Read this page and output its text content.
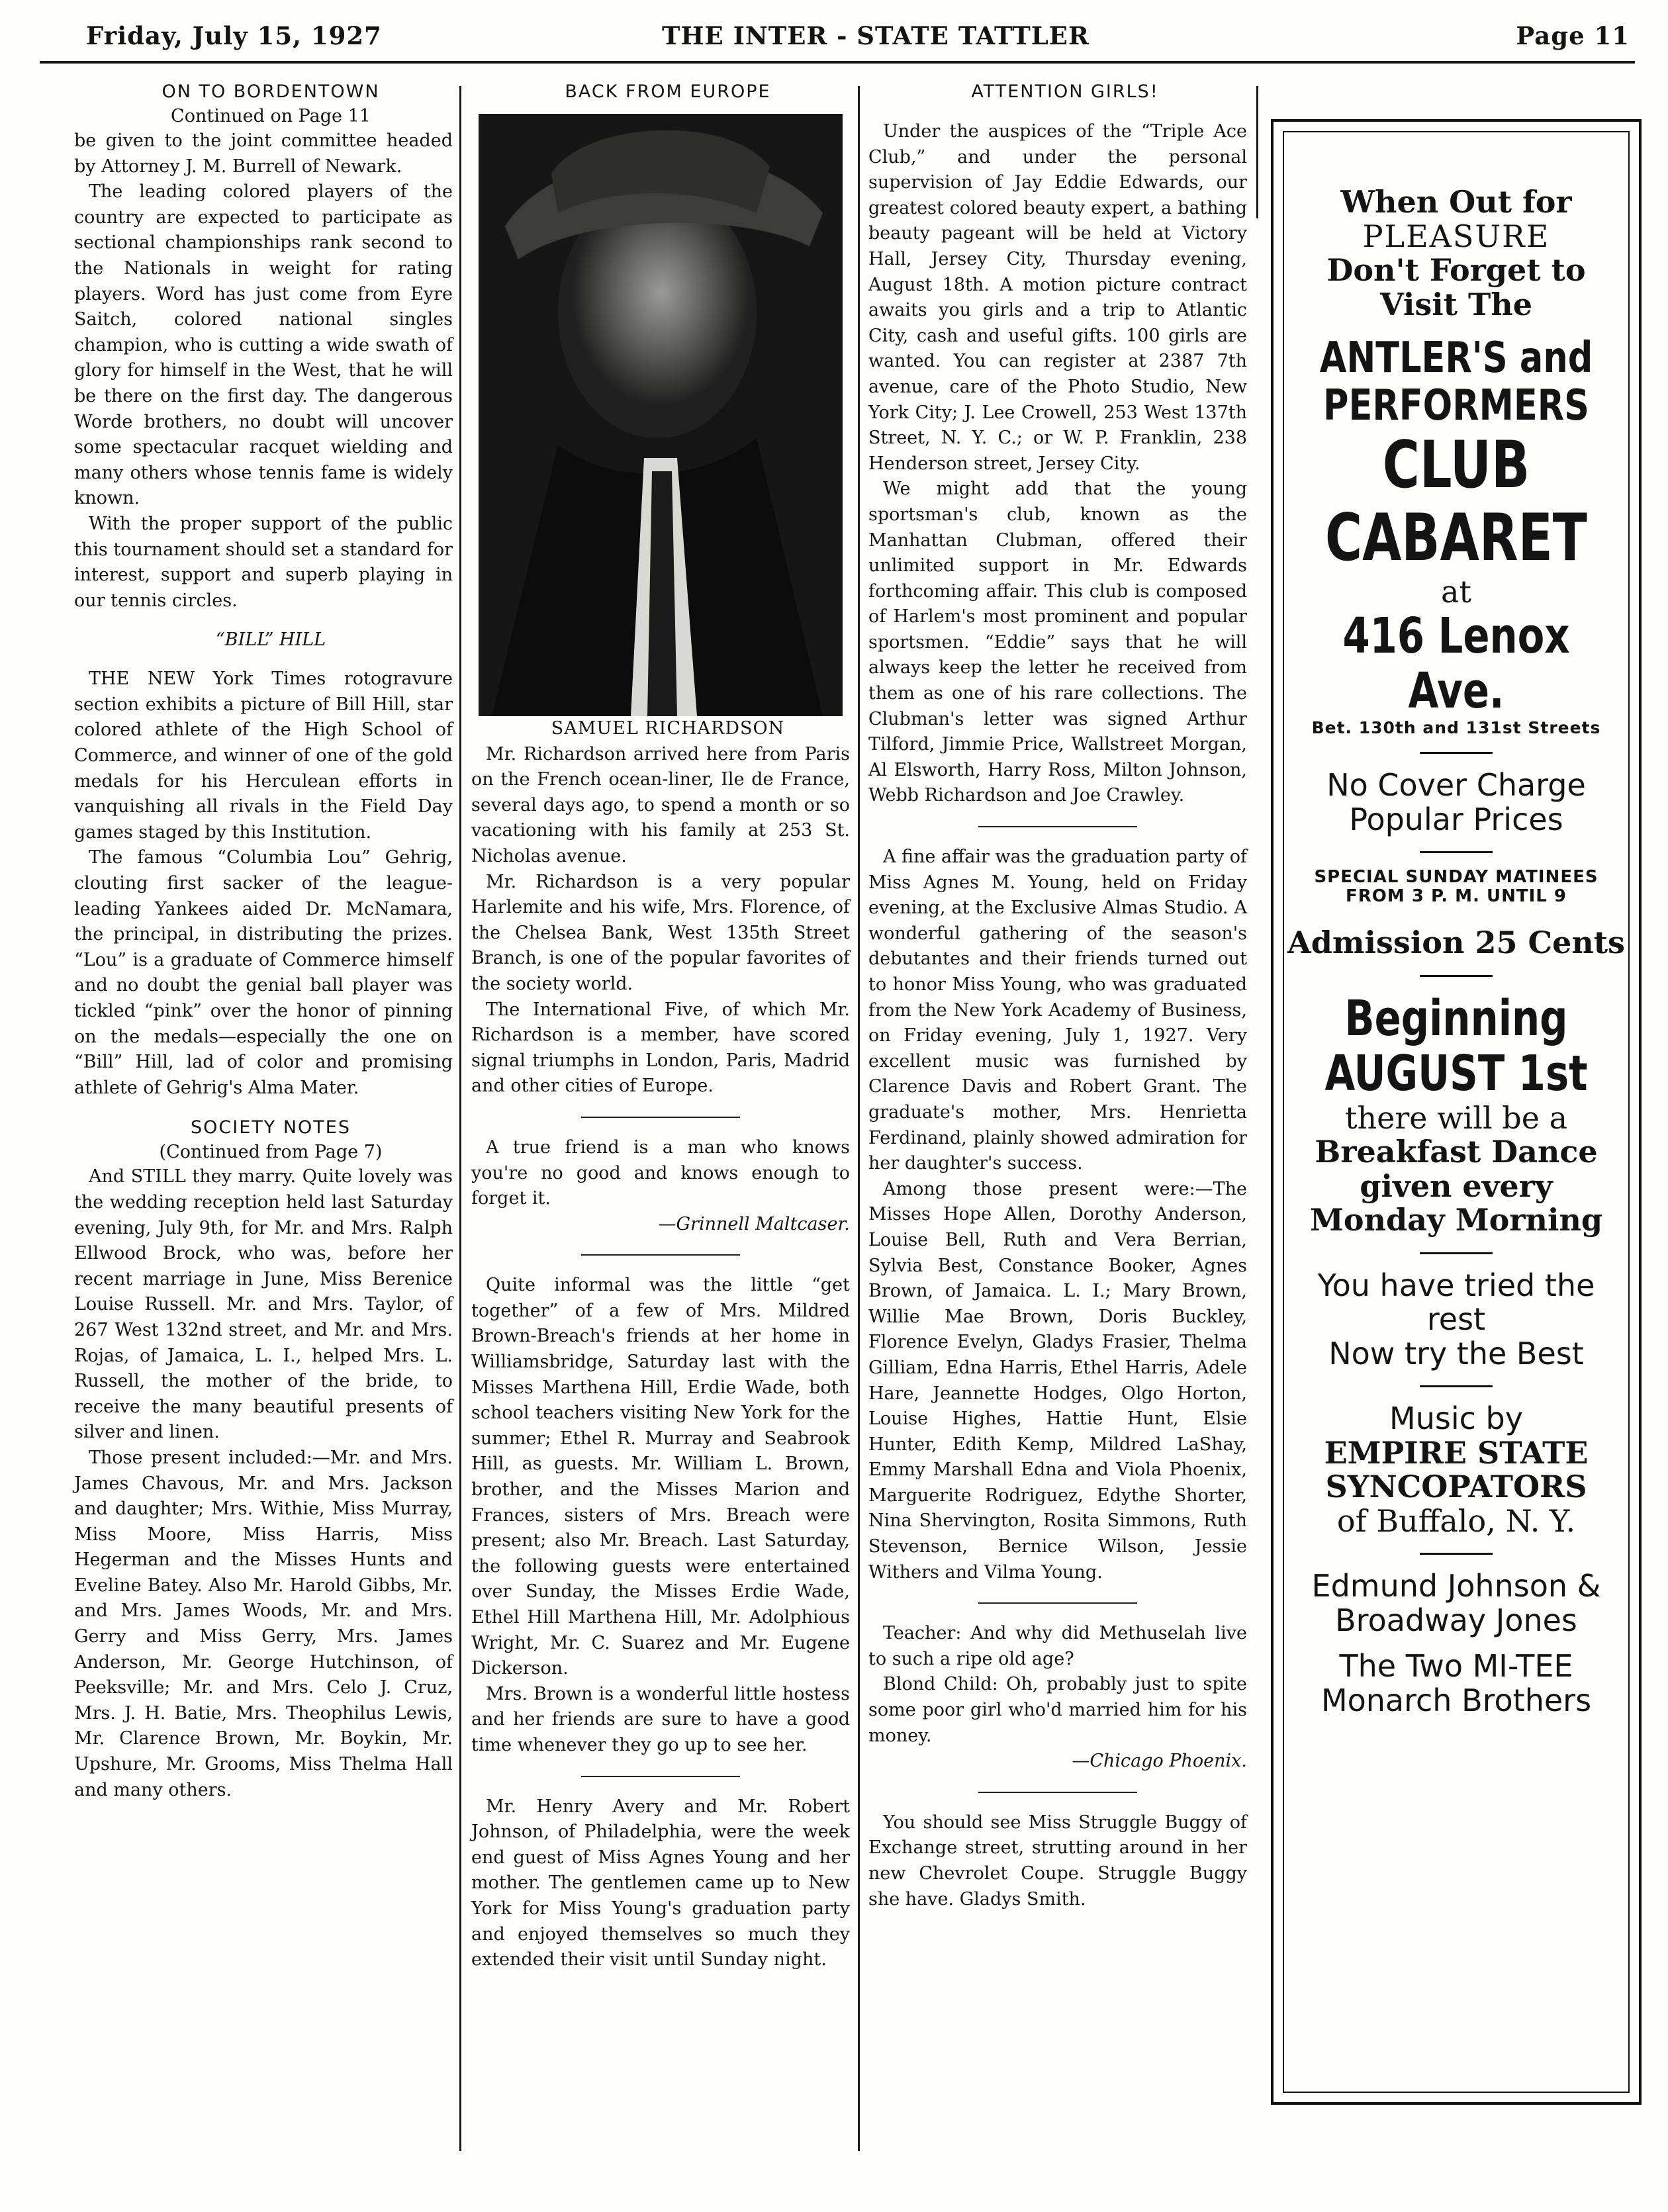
Friday, July 15, 1927	THE INTER - STATE TATTLER	Page 11

ON TO BORDENTOWN

Continued on Page 11

be given to the joint committee headed by Attorney J. M. Burrell of Newark.

The leading colored players of the country are expected to participate as sectional championships rank second to the Nationals in weight for rating players. Word has just come from Eyre Saitch, colored national singles champion, who is cutting a wide swath of glory for himself in the West, that he will be there on the first day. The dangerous Worde brothers, no doubt will uncover some spectacular racquet wielding and many others whose tennis fame is widely known.

With the proper support of the public this tournament should set a standard for interest, support and superb playing in our tennis circles.

“BILL” HILL

THE NEW York Times rotogravure section exhibits a picture of Bill Hill, star colored athlete of the High School of Commerce, and winner of one of the gold medals for his Herculean efforts in vanquishing all rivals in the Field Day games staged by this Institution.

The famous “Columbia Lou” Gehrig, clouting first sacker of the league-leading Yankees aided Dr. McNamara, the principal, in distributing the prizes. “Lou” is a graduate of Commerce himself and no doubt the genial ball player was tickled “pink” over the honor of pinning on the medals—especially the one on “Bill” Hill, lad of color and promising athlete of Gehrig's Alma Mater.

SOCIETY NOTES

(Continued from Page 7)

And STILL they marry. Quite lovely was the wedding reception held last Saturday evening, July 9th, for Mr. and Mrs. Ralph Ellwood Brock, who was, before her recent marriage in June, Miss Berenice Louise Russell. Mr. and Mrs. Taylor, of 267 West 132nd street, and Mr. and Mrs. Rojas, of Jamaica, L. I., helped Mrs. L. Russell, the mother of the bride, to receive the many beautiful presents of silver and linen.

Those present included:—Mr. and Mrs. James Chavous, Mr. and Mrs. Jackson and daughter; Mrs. Withie, Miss Murray, Miss Moore, Miss Harris, Miss Hegerman and the Misses Hunts and Eveline Batey. Also Mr. Harold Gibbs, Mr. and Mrs. James Woods, Mr. and Mrs. Gerry and Miss Gerry, Mrs. James Anderson, Mr. George Hutchinson, of Peeksville; Mr. and Mrs. Celo J. Cruz, Mrs. J. H. Batie, Mrs. Theophilus Lewis, Mr. Clarence Brown, Mr. Boykin, Mr. Upshure, Mr. Grooms, Miss Thelma Hall and many others.

BACK FROM EUROPE

SAMUEL RICHARDSON

Mr. Richardson arrived here from Paris on the French ocean-liner, Ile de France, several days ago, to spend a month or so vacationing with his family at 253 St. Nicholas avenue.

Mr. Richardson is a very popular Harlemite and his wife, Mrs. Florence, of the Chelsea Bank, West 135th Street Branch, is one of the popular favorites of the society world.

The International Five, of which Mr. Richardson is a member, have scored signal triumphs in London, Paris, Madrid and other cities of Europe.

A true friend is a man who knows you're no good and knows enough to forget it.

—Grinnell Maltcaser.

Quite informal was the little “get together” of a few of Mrs. Mildred Brown-Breach's friends at her home in Williamsbridge, Saturday last with the Misses Marthena Hill, Erdie Wade, both school teachers visiting New York for the summer; Ethel R. Murray and Seabrook Hill, as guests. Mr. William L. Brown, brother, and the Misses Marion and Frances, sisters of Mrs. Breach were present; also Mr. Breach. Last Saturday, the following guests were entertained over Sunday, the Misses Erdie Wade, Ethel Hill Marthena Hill, Mr. Adolphious Wright, Mr. C. Suarez and Mr. Eugene Dickerson.

Mrs. Brown is a wonderful little hostess and her friends are sure to have a good time whenever they go up to see her.

Mr. Henry Avery and Mr. Robert Johnson, of Philadelphia, were the week end guest of Miss Agnes Young and her mother. The gentlemen came up to New York for Miss Young's graduation party and enjoyed themselves so much they extended their visit until Sunday night.

ATTENTION GIRLS!

Under the auspices of the “Triple Ace Club,” and under the personal supervision of Jay Eddie Edwards, our greatest colored beauty expert, a bathing beauty pageant will be held at Victory Hall, Jersey City, Thursday evening, August 18th. A motion picture contract awaits you girls and a trip to Atlantic City, cash and useful gifts. 100 girls are wanted. You can register at 2387 7th avenue, care of the Photo Studio, New York City; J. Lee Crowell, 253 West 137th Street, N. Y. C.; or W. P. Franklin, 238 Henderson street, Jersey City.

We might add that the young sportsman's club, known as the Manhattan Clubman, offered their unlimited support in Mr. Edwards forthcoming affair. This club is composed of Harlem's most prominent and popular sportsmen. “Eddie” says that he will always keep the letter he received from them as one of his rare collections. The Clubman's letter was signed Arthur Tilford, Jimmie Price, Wallstreet Morgan, Al Elsworth, Harry Ross, Milton Johnson, Webb Richardson and Joe Crawley.

A fine affair was the graduation party of Miss Agnes M. Young, held on Friday evening, at the Exclusive Almas Studio. A wonderful gathering of the season's debutantes and their friends turned out to honor Miss Young, who was graduated from the New York Academy of Business, on Friday evening, July 1, 1927. Very excellent music was furnished by Clarence Davis and Robert Grant. The graduate's mother, Mrs. Henrietta Ferdinand, plainly showed admiration for her daughter's success.

Among those present were:—The Misses Hope Allen, Dorothy Anderson, Louise Bell, Ruth and Vera Berrian, Sylvia Best, Constance Booker, Agnes Brown, of Jamaica. L. I.; Mary Brown, Willie Mae Brown, Doris Buckley, Florence Evelyn, Gladys Frasier, Thelma Gilliam, Edna Harris, Ethel Harris, Adele Hare, Jeannette Hodges, Olgo Horton, Louise Highes, Hattie Hunt, Elsie Hunter, Edith Kemp, Mildred LaShay, Emmy Marshall Edna and Viola Phoenix, Marguerite Rodriguez, Edythe Shorter, Nina Shervington, Rosita Simmons, Ruth Stevenson, Bernice Wilson, Jessie Withers and Vilma Young.

Teacher: And why did Methuselah live to such a ripe old age?

Blond Child: Oh, probably just to spite some poor girl who'd married him for his money.

—Chicago Phoenix.

You should see Miss Struggle Buggy of Exchange street, strutting around in her new Chevrolet Coupe. Struggle Buggy she have. Gladys Smith.

When Out for

PLEASURE

Don't Forget to

Visit The

ANTLER'S and

PERFORMERS

CLUB

CABARET

at

416 Lenox Ave.

Bet. 130th and 131st Streets

No Cover Charge

Popular Prices

SPECIAL SUNDAY MATINEES

FROM 3 P. M. UNTIL 9

Admission 25 Cents

Beginning

AUGUST 1st

there will be a

Breakfast Dance

given every

Monday Morning

You have tried the

rest

Now try the Best

Music by

EMPIRE STATE

SYNCOPATORS

of Buffalo, N. Y.

Edmund Johnson &

Broadway Jones

The Two MI-TEE

Monarch Brothers
